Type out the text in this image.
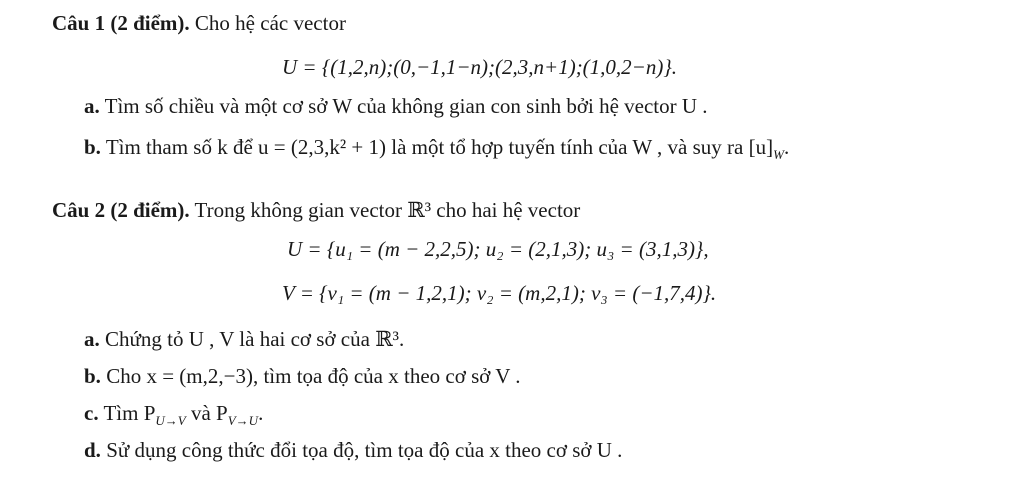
Câu 1 (2 điểm). Cho hệ các vector
U = {(1,2,n);(0,−1,1−n);(2,3,n+1);(1,0,2−n)}.
a. Tìm số chiều và một cơ sở W của không gian con sinh bởi hệ vector U .
b. Tìm tham số k để u = (2,3,k² + 1) là một tổ hợp tuyến tính của W , và suy ra $[u]_W$.
Câu 2 (2 điểm). Trong không gian vector ℝ³ cho hai hệ vector
U = {u₁ = (m − 2,2,5); u₂ = (2,1,3); u₃ = (3,1,3)},
V = {v₁ = (m − 1,2,1); v₂ = (m,2,1); v₃ = (−1,7,4)}.
a. Chứng tỏ U , V là hai cơ sở của ℝ³.
b. Cho x = (m,2,−3), tìm tọa độ của x theo cơ sở V .
c. Tìm $P_{U\to V}$ và $P_{V\to U}$.
d. Sử dụng công thức đổi tọa độ, tìm tọa độ của x theo cơ sở U .
